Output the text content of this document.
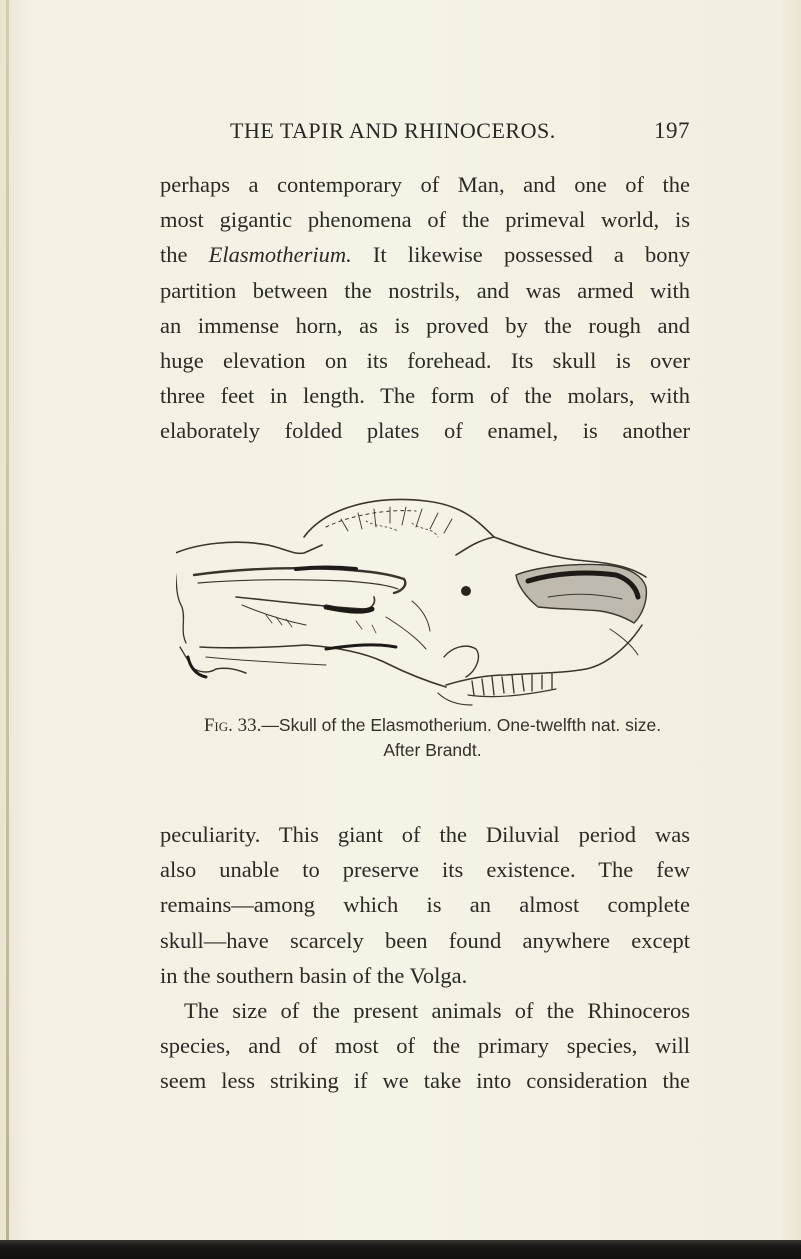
THE TAPIR AND RHINOCEROS.	197
perhaps a contemporary of Man, and one of the
most gigantic phenomena of the primeval world, is
the Elasmotherium. It likewise possessed a bony
partition between the nostrils, and was armed with
an immense horn, as is proved by the rough and
huge elevation on its forehead. Its skull is over
three feet in length. The form of the molars, with
elaborately folded plates of enamel, is another
Fig. 33.—Skull of the Elasmotherium. One-twelfth nat. size.
After Brandt.
peculiarity. This giant of the Diluvial period was
also unable to preserve its existence. The few
remains—among which is an almost complete
skull—have scarcely been found anywhere except
in the southern basin of the Volga.
The size of the present animals of the Rhinoceros
species, and of most of the primary species, will
seem less striking if we take into consideration the
